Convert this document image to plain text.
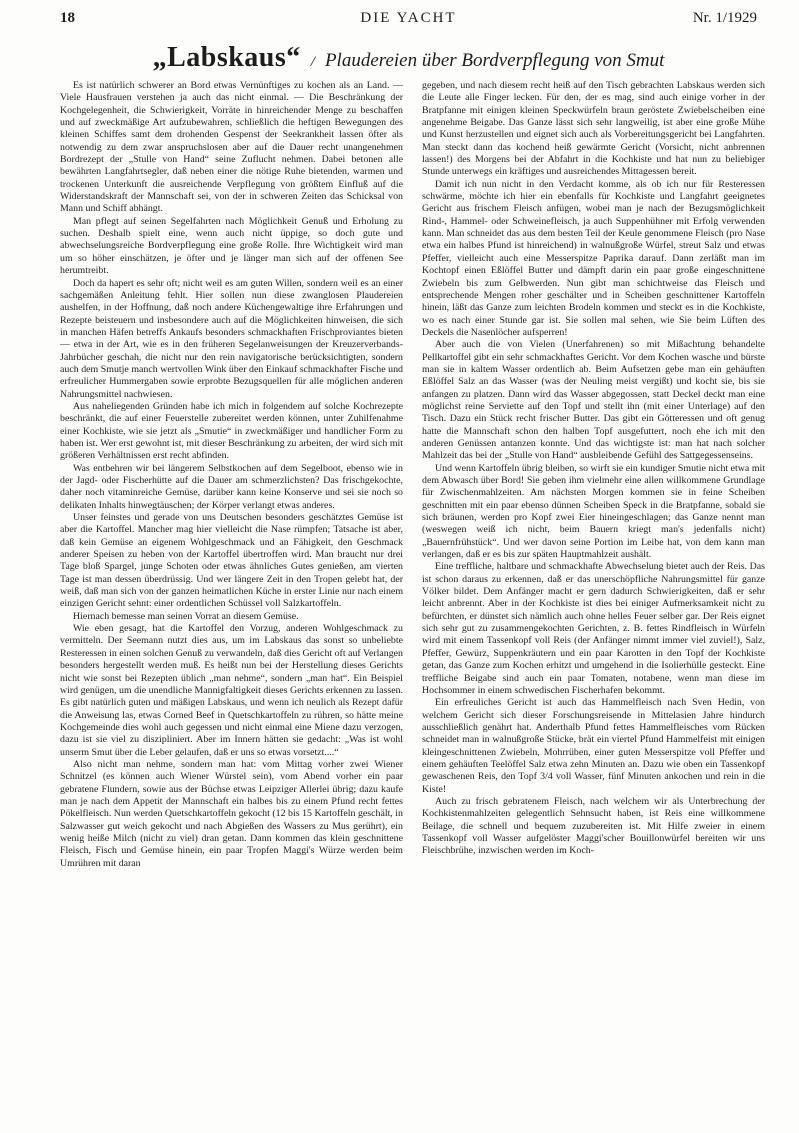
18	DIE YACHT	Nr. 1/1929
„Labskaus“ / Plaudereien über Bordverpflegung von Smut

Es ist natürlich schwerer an Bord etwas Vernünftiges zu kochen als an Land. — Viele Hausfrauen verstehen ja auch das nicht einmal. — Die Beschränkung der Kochgelegenheit, die Schwierigkeit, Vorräte in hinreichender Menge zu beschaffen und auf zweckmäßige Art aufzubewahren, schließlich die heftigen Bewegungen des kleinen Schiffes samt dem drohenden Gespenst der Seekrankheit lassen öfter als notwendig zu dem zwar anspruchslosen aber auf die Dauer recht unangenehmen Bordrezept der „Stulle von Hand“ seine Zuflucht nehmen. Dabei betonen alle bewährten Langfahrtsegler, daß neben einer die nötige Ruhe bietenden, warmen und trockenen Unterkunft die ausreichende Verpflegung von größtem Einfluß auf die Widerstandskraft der Mannschaft sei, von der in schweren Zeiten das Schicksal von Mann und Schiff abhängt.

Man pflegt auf seinen Segelfahrten nach Möglichkeit Genuß und Erholung zu suchen. Deshalb spielt eine, wenn auch nicht üppige, so doch gute und abwechselungsreiche Bordverpflegung eine große Rolle. Ihre Wichtigkeit wird man um so höher einschätzen, je öfter und je länger man sich auf der offenen See herumtreibt.

Doch da hapert es sehr oft; nicht weil es am guten Willen, sondern weil es an einer sachgemäßen Anleitung fehlt. Hier sollen nun diese zwanglosen Plaudereien aushelfen, in der Hoffnung, daß noch andere Küchengewaltige ihre Erfahrungen und Rezepte beisteuern und insbesondere auch auf die Möglichkeiten hinweisen, die sich in manchen Häfen betreffs Ankaufs besonders schmackhaften Frischproviantes bieten — etwa in der Art, wie es in den früheren Segelanweisungen der Kreuzerverbands-Jahrbücher geschah, die nicht nur den rein navigatorische berücksichtigten, sondern auch dem Smutje manch wertvollen Wink über den Einkauf schmackhafter Fische und erfreulicher Hummergaben sowie erprobte Bezugsquellen für alle möglichen anderen Nahrungsmittel nachwiesen.

Aus naheliegenden Gründen habe ich mich in folgendem auf solche Kochrezepte beschränkt, die auf einer Feuerstelle zubereitet werden können, unter Zuhilfenahme einer Kochkiste, wie sie jetzt als „Smutie“ in zweckmäßiger und handlicher Form zu haben ist. Wer erst gewohnt ist, mit dieser Beschränkung zu arbeiten, der wird sich mit größeren Verhältnissen erst recht abfinden.

Was entbehren wir bei längerem Selbstkochen auf dem Segelboot, ebenso wie in der Jagd- oder Fischerhütte auf die Dauer am schmerzlichsten? Das frischgekochte, daher noch vitaminreiche Gemüse, darüber kann keine Konserve und sei sie noch so delikaten Inhalts hinwegtäuschen; der Körper verlangt etwas anderes.

Unser feinstes und gerade von uns Deutschen besonders geschätztes Gemüse ist aber die Kartoffel. Mancher mag hier vielleicht die Nase rümpfen; Tatsache ist aber, daß kein Gemüse an eigenem Wohlgeschmack und an Fähigkeit, den Geschmack anderer Speisen zu heben von der Kartoffel übertroffen wird. Man braucht nur drei Tage bloß Spargel, junge Schoten oder etwas ähnliches Gutes genießen, am vierten Tage ist man dessen überdrüssig. Und wer längere Zeit in den Tropen gelebt hat, der weiß, daß man sich von der ganzen heimatlichen Küche in erster Linie nur nach einem einzigen Gericht sehnt: einer ordentlichen Schüssel voll Salzkartoffeln.

Hiernach bemesse man seinen Vorrat an diesem Gemüse.

Wie eben gesagt, hat die Kartoffel den Vorzug, anderen Wohlgeschmack zu vermitteln. Der Seemann nutzt dies aus, um im Labskaus das sonst so unbeliebte Resteressen in einen solchen Genuß zu verwandeln, daß dies Gericht oft auf Verlangen besonders hergestellt werden muß. Es heißt nun bei der Herstellung dieses Gerichts nicht wie sonst bei Rezepten üblich „man nehme“, sondern „man hat“. Ein Beispiel wird genügen, um die unendliche Mannigfaltigkeit dieses Gerichts erkennen zu lassen. Es gibt natürlich guten und mäßigen Labskaus, und wenn ich neulich als Rezept dafür die Anweisung las, etwas Corned Beef in Quetschkartoffeln zu rühren, so hätte meine Kochgemeinde dies wohl auch gegessen und nicht einmal eine Miene dazu verzogen, dazu ist sie viel zu diszipliniert. Aber im Innern hätten sie gedacht: „Was ist wohl unserm Smut über die Leber gelaufen, daß er uns so etwas vorsetzt....“

Also nicht man nehme, sondern man hat: vom Mittag vorher zwei Wiener Schnitzel (es können auch Wiener Würstel sein), vom Abend vorher ein paar gebratene Flundern, sowie aus der Büchse etwas Leipziger Allerlei übrig; dazu kaufe man je nach dem Appetit der Mannschaft ein halbes bis zu einem Pfund recht fettes Pökelfleisch. Nun werden Quetschkartoffeln gekocht (12 bis 15 Kartoffeln geschält, in Salzwasser gut weich gekocht und nach Abgießen des Wassers zu Mus gerührt), ein wenig heiße Milch (nicht zu viel) dran getan. Dann kommen das klein geschnittene Fleisch, Fisch und Gemüse hinein, ein paar Tropfen Maggi's Würze werden beim Umrühren mit daran

gegeben, und nach diesem recht heiß auf den Tisch gebrachten Labskaus werden sich die Leute alle Finger lecken. Für den, der es mag, sind auch einige vorher in der Bratpfanne mit einigen kleinen Speckwürfeln braun geröstete Zwiebelscheiben eine angenehme Beigabe. Das Ganze lässt sich sehr langweilig, ist aber eine große Mühe und Kunst herzustellen und eignet sich auch als Vorbereitungsgericht bei Langfahrten. Man steckt dann das kochend heiß gewärmte Gericht (Vorsicht, nicht anbrennen lassen!) des Morgens bei der Abfahrt in die Kochkiste und hat nun zu beliebiger Stunde unterwegs ein kräftiges und ausreichendes Mittagessen bereit.

Damit ich nun nicht in den Verdacht komme, als ob ich nur für Resteressen schwärme, möchte ich hier ein ebenfalls für Kochkiste und Langfahrt geeignetes Gericht aus frischem Fleisch anfügen, wobei man je nach der Bezugsmöglichkeit Rind-, Hammel- oder Schweinefleisch, ja auch Suppenhühner mit Erfolg verwenden kann. Man schneidet das aus dem besten Teil der Keule genommene Fleisch (pro Nase etwa ein halbes Pfund ist hinreichend) in walnußgroße Würfel, streut Salz und etwas Pfeffer, vielleicht auch eine Messerspitze Paprika darauf. Dann zerläßt man im Kochtopf einen Eßlöffel Butter und dämpft darin ein paar große eingeschnittene Zwiebeln bis zum Gelbwerden. Nun gibt man schichtweise das Fleisch und entsprechende Mengen roher geschälter und in Scheiben geschnittener Kartoffeln hinein, läßt das Ganze zum leichten Brodeln kommen und steckt es in die Kochkiste, wo es nach einer Stunde gar ist. Sie sollen mal sehen, wie Sie beim Lüften des Deckels die Nasenlöcher aufsperren!

Aber auch die von Vielen (Unerfahrenen) so mit Mißachtung behandelte Pellkartoffel gibt ein sehr schmackhaftes Gericht. Vor dem Kochen wasche und bürste man sie in kaltem Wasser ordentlich ab. Beim Aufsetzen gebe man ein gehäuften Eßlöffel Salz an das Wasser (was der Neuling meist vergißt) und kocht sie, bis sie anfangen zu platzen. Dann wird das Wasser abgegossen, statt Deckel deckt man eine möglichst reine Serviette auf den Topf und stellt ihn (mit einer Unterlage) auf den Tisch. Dazu ein Stück recht frischer Butter. Das gibt ein Götteressen und oft genug hatte die Mannschaft schon den halben Topf ausgefuttert, noch ehe ich mit den anderen Genüssen antanzen konnte. Und das wichtigste ist: man hat nach solcher Mahlzeit das bei der „Stulle von Hand“ ausbleibende Gefühl des Sattgegessenseins.

Und wenn Kartoffeln übrig bleiben, so wirft sie ein kundiger Smutie nicht etwa mit dem Abwasch über Bord! Sie geben ihm vielmehr eine allen willkommene Grundlage für Zwischenmahlzeiten. Am nächsten Morgen kommen sie in feine Scheiben geschnitten mit ein paar ebenso dünnen Scheiben Speck in die Bratpfanne, sobald sie sich bräunen, werden pro Kopf zwei Eier hineingeschlagen; das Ganze nennt man (weswegen weiß ich nicht, beim Bauern kriegt man's jedenfalls nicht) „Bauernfrühstück“. Und wer davon seine Portion im Leibe hat, von dem kann man verlangen, daß er es bis zur späten Hauptmahlzeit aushält.

Eine treffliche, haltbare und schmackhafte Abwechselung bietet auch der Reis. Das ist schon daraus zu erkennen, daß er das unerschöpfliche Nahrungsmittel für ganze Völker bildet. Dem Anfänger macht er gern dadurch Schwierigkeiten, daß er sehr leicht anbrennt. Aber in der Kochkiste ist dies bei einiger Aufmerksamkeit nicht zu befürchten, er dünstet sich nämlich auch ohne helles Feuer selber gar. Der Reis eignet sich sehr gut zu zusammengekochten Gerichten, z. B. fettes Rindfleisch in Würfeln wird mit einem Tassenkopf voll Reis (der Anfänger nimmt immer viel zuviel!), Salz, Pfeffer, Gewürz, Suppenkräutern und ein paar Karotten in den Topf der Kochkiste getan, das Ganze zum Kochen erhitzt und umgehend in die Isolierhülle gesteckt. Eine treffliche Beigabe sind auch ein paar Tomaten, notabene, wenn man diese im Hochsommer in einem schwedischen Fischerhafen bekommt.

Ein erfreuliches Gericht ist auch das Hammelfleisch nach Sven Hedin, von welchem Gericht sich dieser Forschungsreisende in Mittelasien Jahre hindurch ausschließlich genährt hat. Anderthalb Pfund fettes Hammelfleisches vom Rücken schneidet man in walnußgroße Stücke, brät ein viertel Pfund Hammelfeist mit einigen kleingeschnittenen Zwiebeln, Mohrrüben, einer guten Messerspitze voll Pfeffer und einem gehäuften Teelöffel Salz etwa zehn Minuten an. Dazu wie oben ein Tassenkopf gewaschenen Reis, den Topf 3/4 voll Wasser, fünf Minuten ankochen und rein in die Kiste!

Auch zu frisch gebratenem Fleisch, nach welchem wir als Unterbrechung der Kochkistenmahlzeiten gelegentlich Sehnsucht haben, ist Reis eine willkommene Beilage, die schnell und bequem zuzubereiten ist. Mit Hilfe zweier in einem Tassenkopf voll Wasser aufgelöster Maggi'scher Bouillonwürfel bereiten wir uns Fleischbrühe, inzwischen werden im Koch-
